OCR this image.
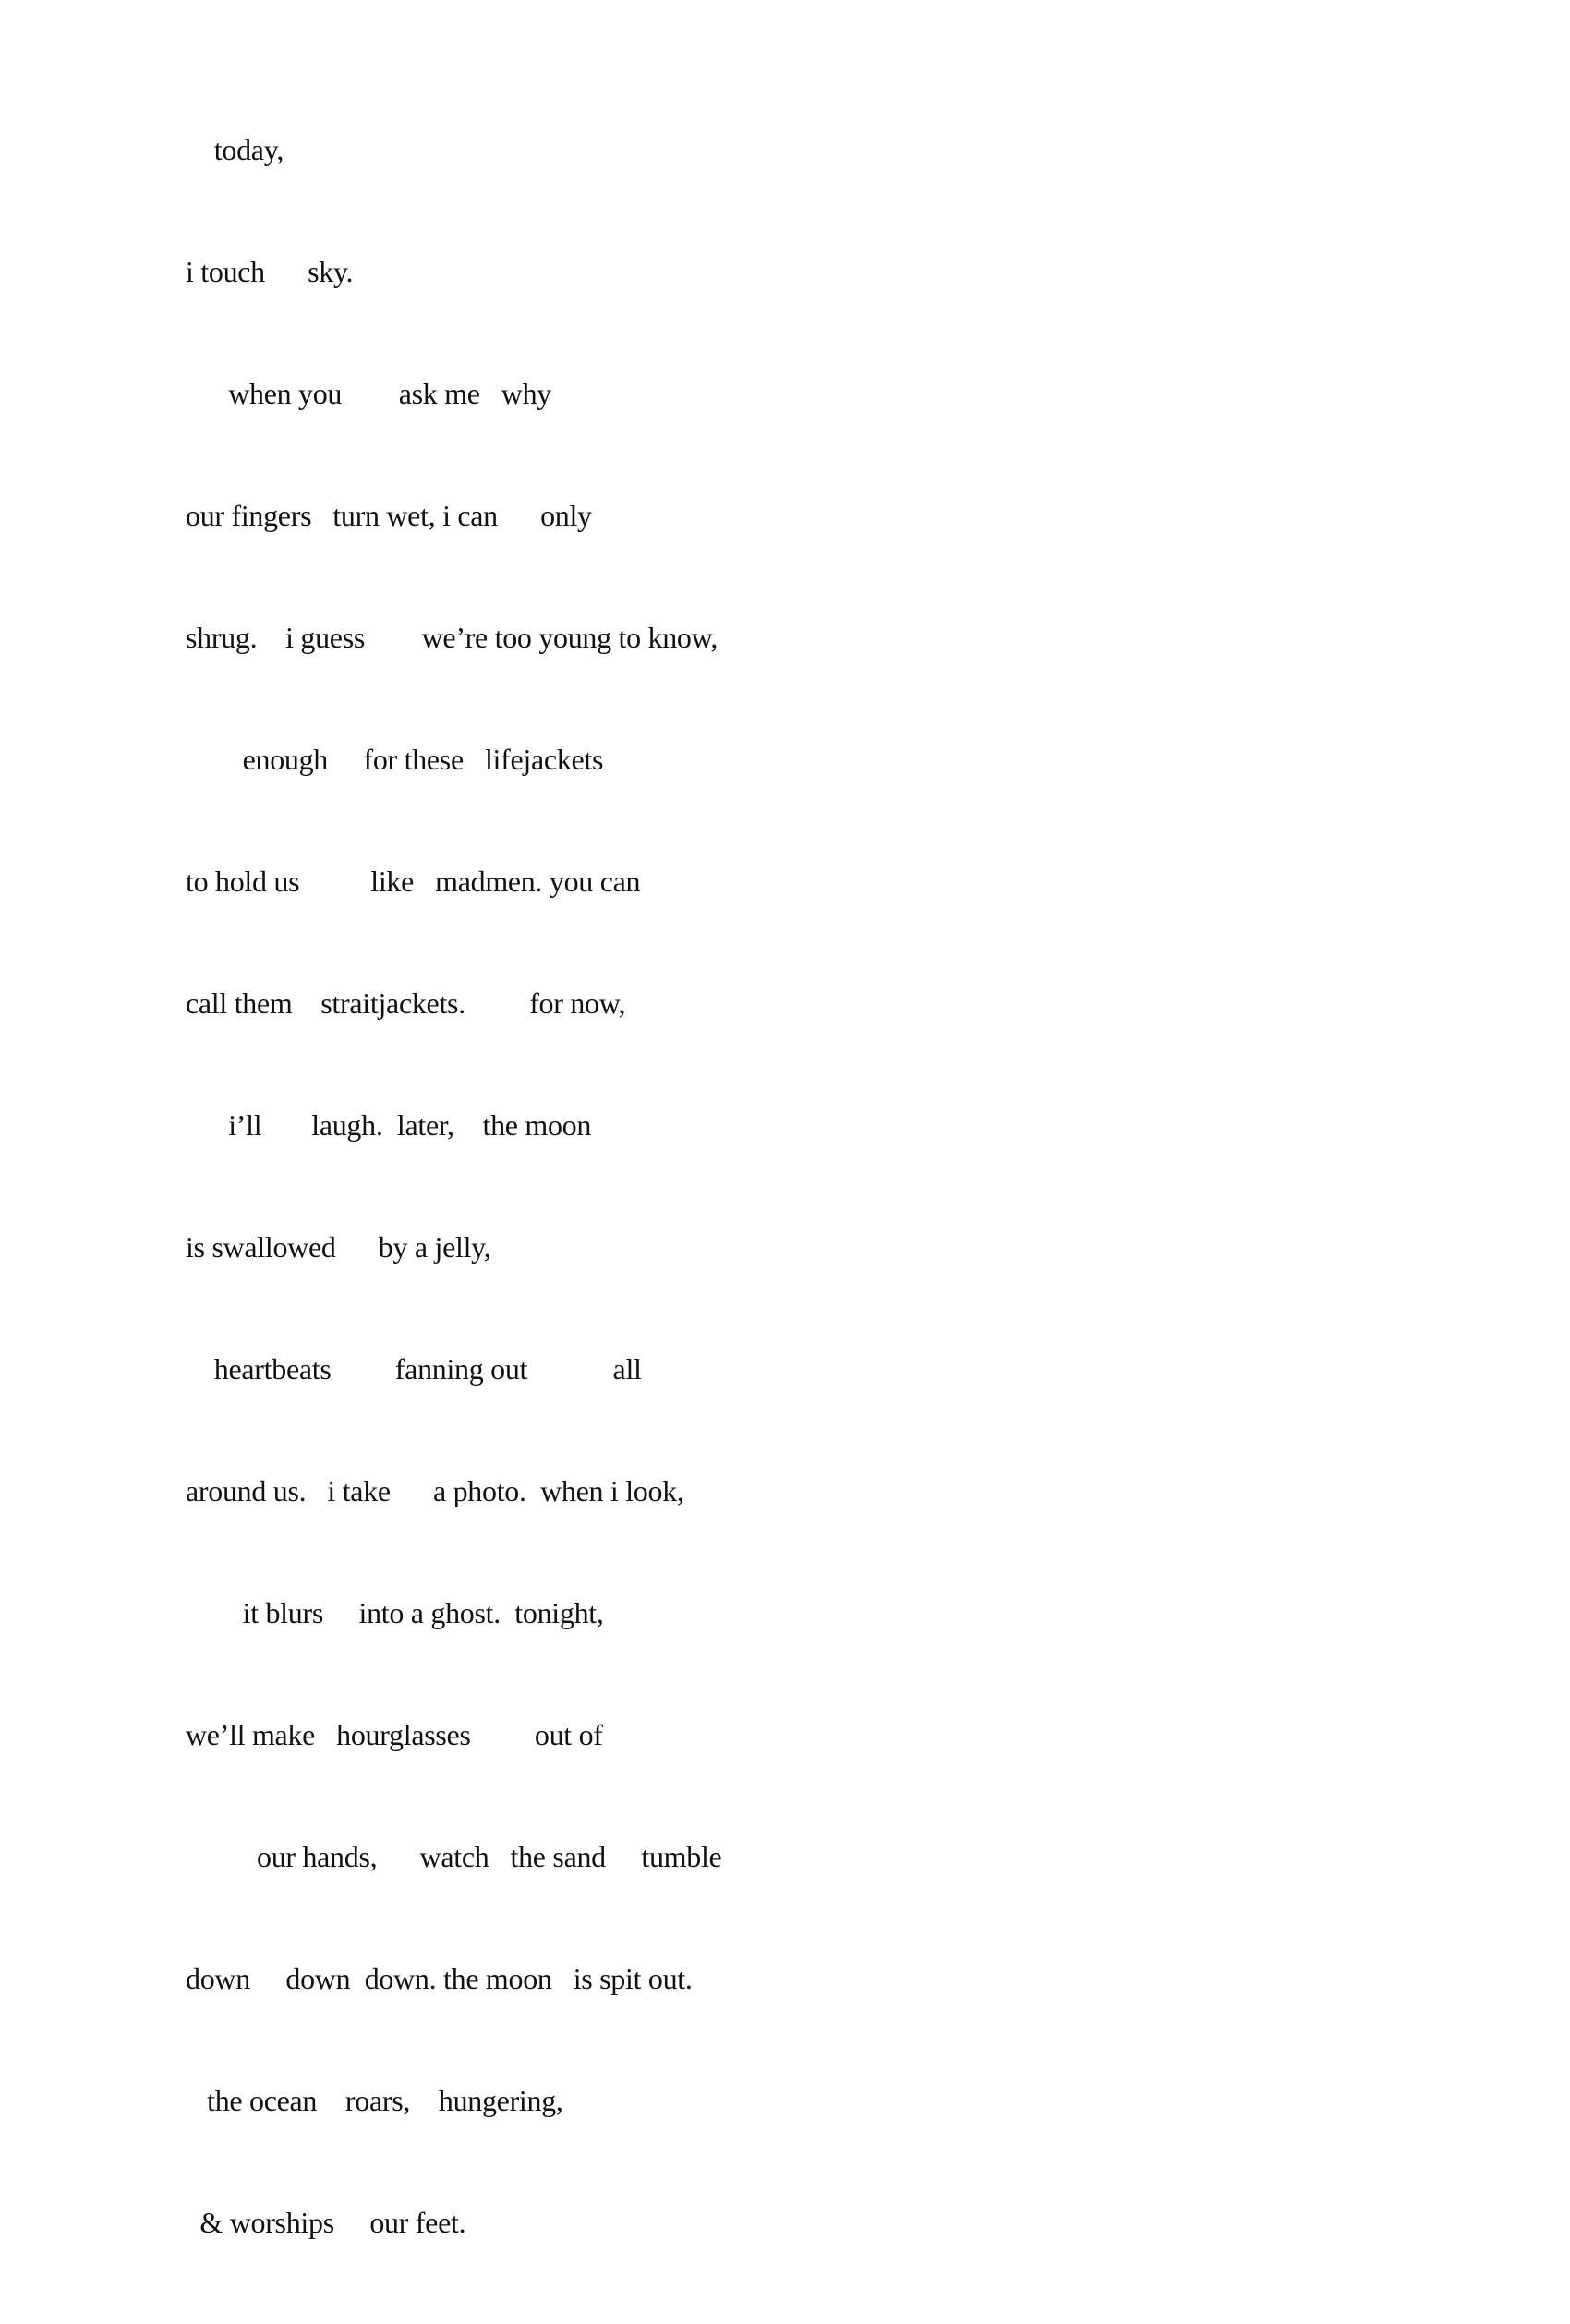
today,

i touch      sky.

when you        ask me   why

our fingers   turn wet, i can      only

shrug.    i guess        we’re too young to know,

enough     for these   lifejackets

to hold us          like   madmen. you can

call them    straitjackets.         for now,

i’ll       laugh.  later,    the moon

is swallowed      by a jelly,

heartbeats         fanning out            all

around us.   i take      a photo.  when i look,

it blurs     into a ghost.  tonight,

we’ll make   hourglasses         out of

our hands,      watch   the sand     tumble

down     down  down. the moon   is spit out.

the ocean    roars,    hungering,

& worships     our feet.
